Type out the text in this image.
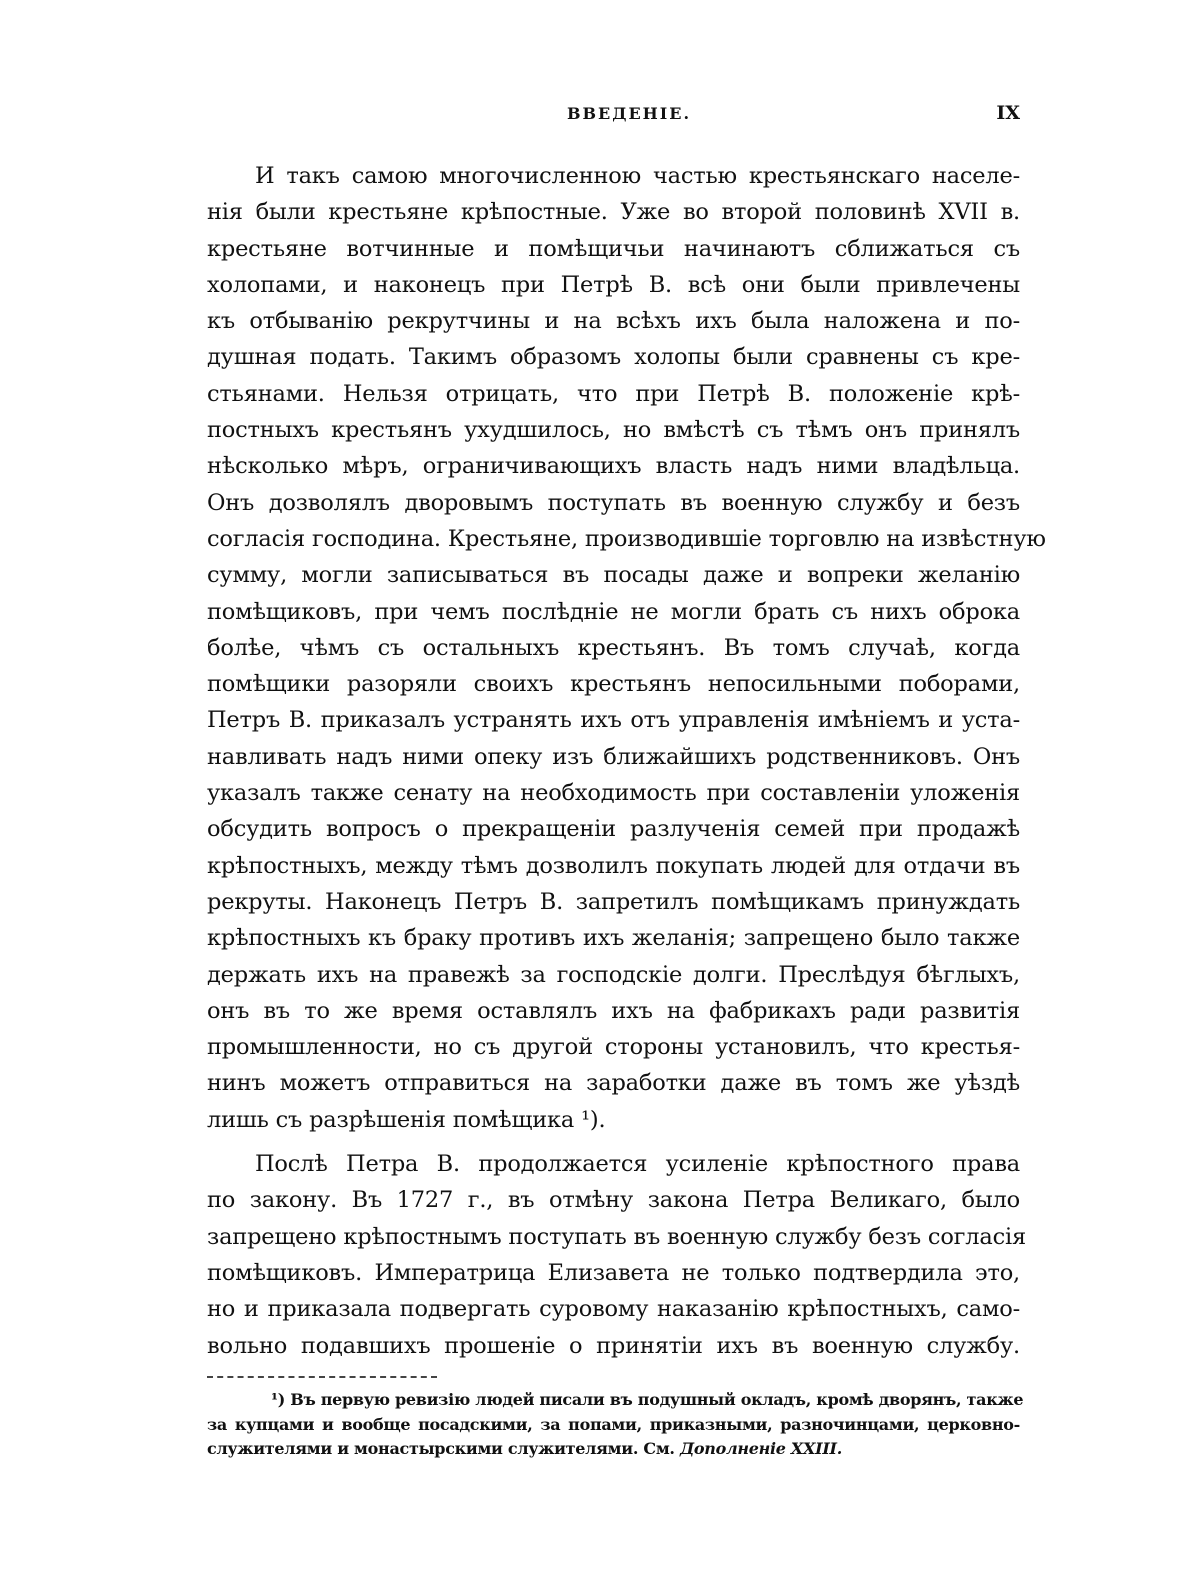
ВВЕДЕНІЕ.	IX
И такъ самою многочисленною частью крестьянскаго населе-
нія были крестьяне крѣпостные. Уже во второй половинѣ XVII в.
крестьяне вотчинные и помѣщичьи начинаютъ сближаться съ
холопами, и наконецъ при Петрѣ В. всѣ они были привлечены
къ отбыванію рекрутчины и на всѣхъ ихъ была наложена и по-
душная подать. Такимъ образомъ холопы были сравнены съ кре-
стьянами. Нельзя отрицать, что при Петрѣ В. положеніе крѣ-
постныхъ крестьянъ ухудшилось, но вмѣстѣ съ тѣмъ онъ принялъ
нѣсколько мѣръ, ограничивающихъ власть надъ ними владѣльца.
Онъ дозволялъ дворовымъ поступать въ военную службу и безъ
согласія господина. Крестьяне, производившіе торговлю на извѣстную
сумму, могли записываться въ посады даже и вопреки желанію
помѣщиковъ, при чемъ послѣдніе не могли брать съ нихъ оброка
болѣе, чѣмъ съ остальныхъ крестьянъ. Въ томъ случаѣ, когда
помѣщики разоряли своихъ крестьянъ непосильными поборами,
Петръ В. приказалъ устранять ихъ отъ управленія имѣніемъ и уста-
навливать надъ ними опеку изъ ближайшихъ родственниковъ. Онъ
указалъ также сенату на необходимость при составленіи уложенія
обсудить вопросъ о прекращеніи разлученія семей при продажѣ
крѣпостныхъ, между тѣмъ дозволилъ покупать людей для отдачи въ
рекруты. Наконецъ Петръ В. запретилъ помѣщикамъ принуждать
крѣпостныхъ къ браку противъ ихъ желанія; запрещено было также
держать ихъ на правежѣ за господскіе долги. Преслѣдуя бѣглыхъ,
онъ въ то же время оставлялъ ихъ на фабрикахъ ради развитія
промышленности, но съ другой стороны установилъ, что крестья-
нинъ можетъ отправиться на заработки даже въ томъ же уѣздѣ
лишь съ разрѣшенія помѣщика ¹).
Послѣ Петра В. продолжается усиленіе крѣпостного права
по закону. Въ 1727 г., въ отмѣну закона Петра Великаго, было
запрещено крѣпостнымъ поступать въ военную службу безъ согласія
помѣщиковъ. Императрица Елизавета не только подтвердила это,
но и приказала подвергать суровому наказанію крѣпостныхъ, само-
вольно подавшихъ прошеніе о принятіи ихъ въ военную службу.
¹) Въ первую ревизію людей писали въ подушный окладъ, кромѣ дворянъ, также
за купцами и вообще посадскими, за попами, приказными, разночинцами, церковно-
служителями и монастырскими служителями. См. Дополненіе XXIII.
